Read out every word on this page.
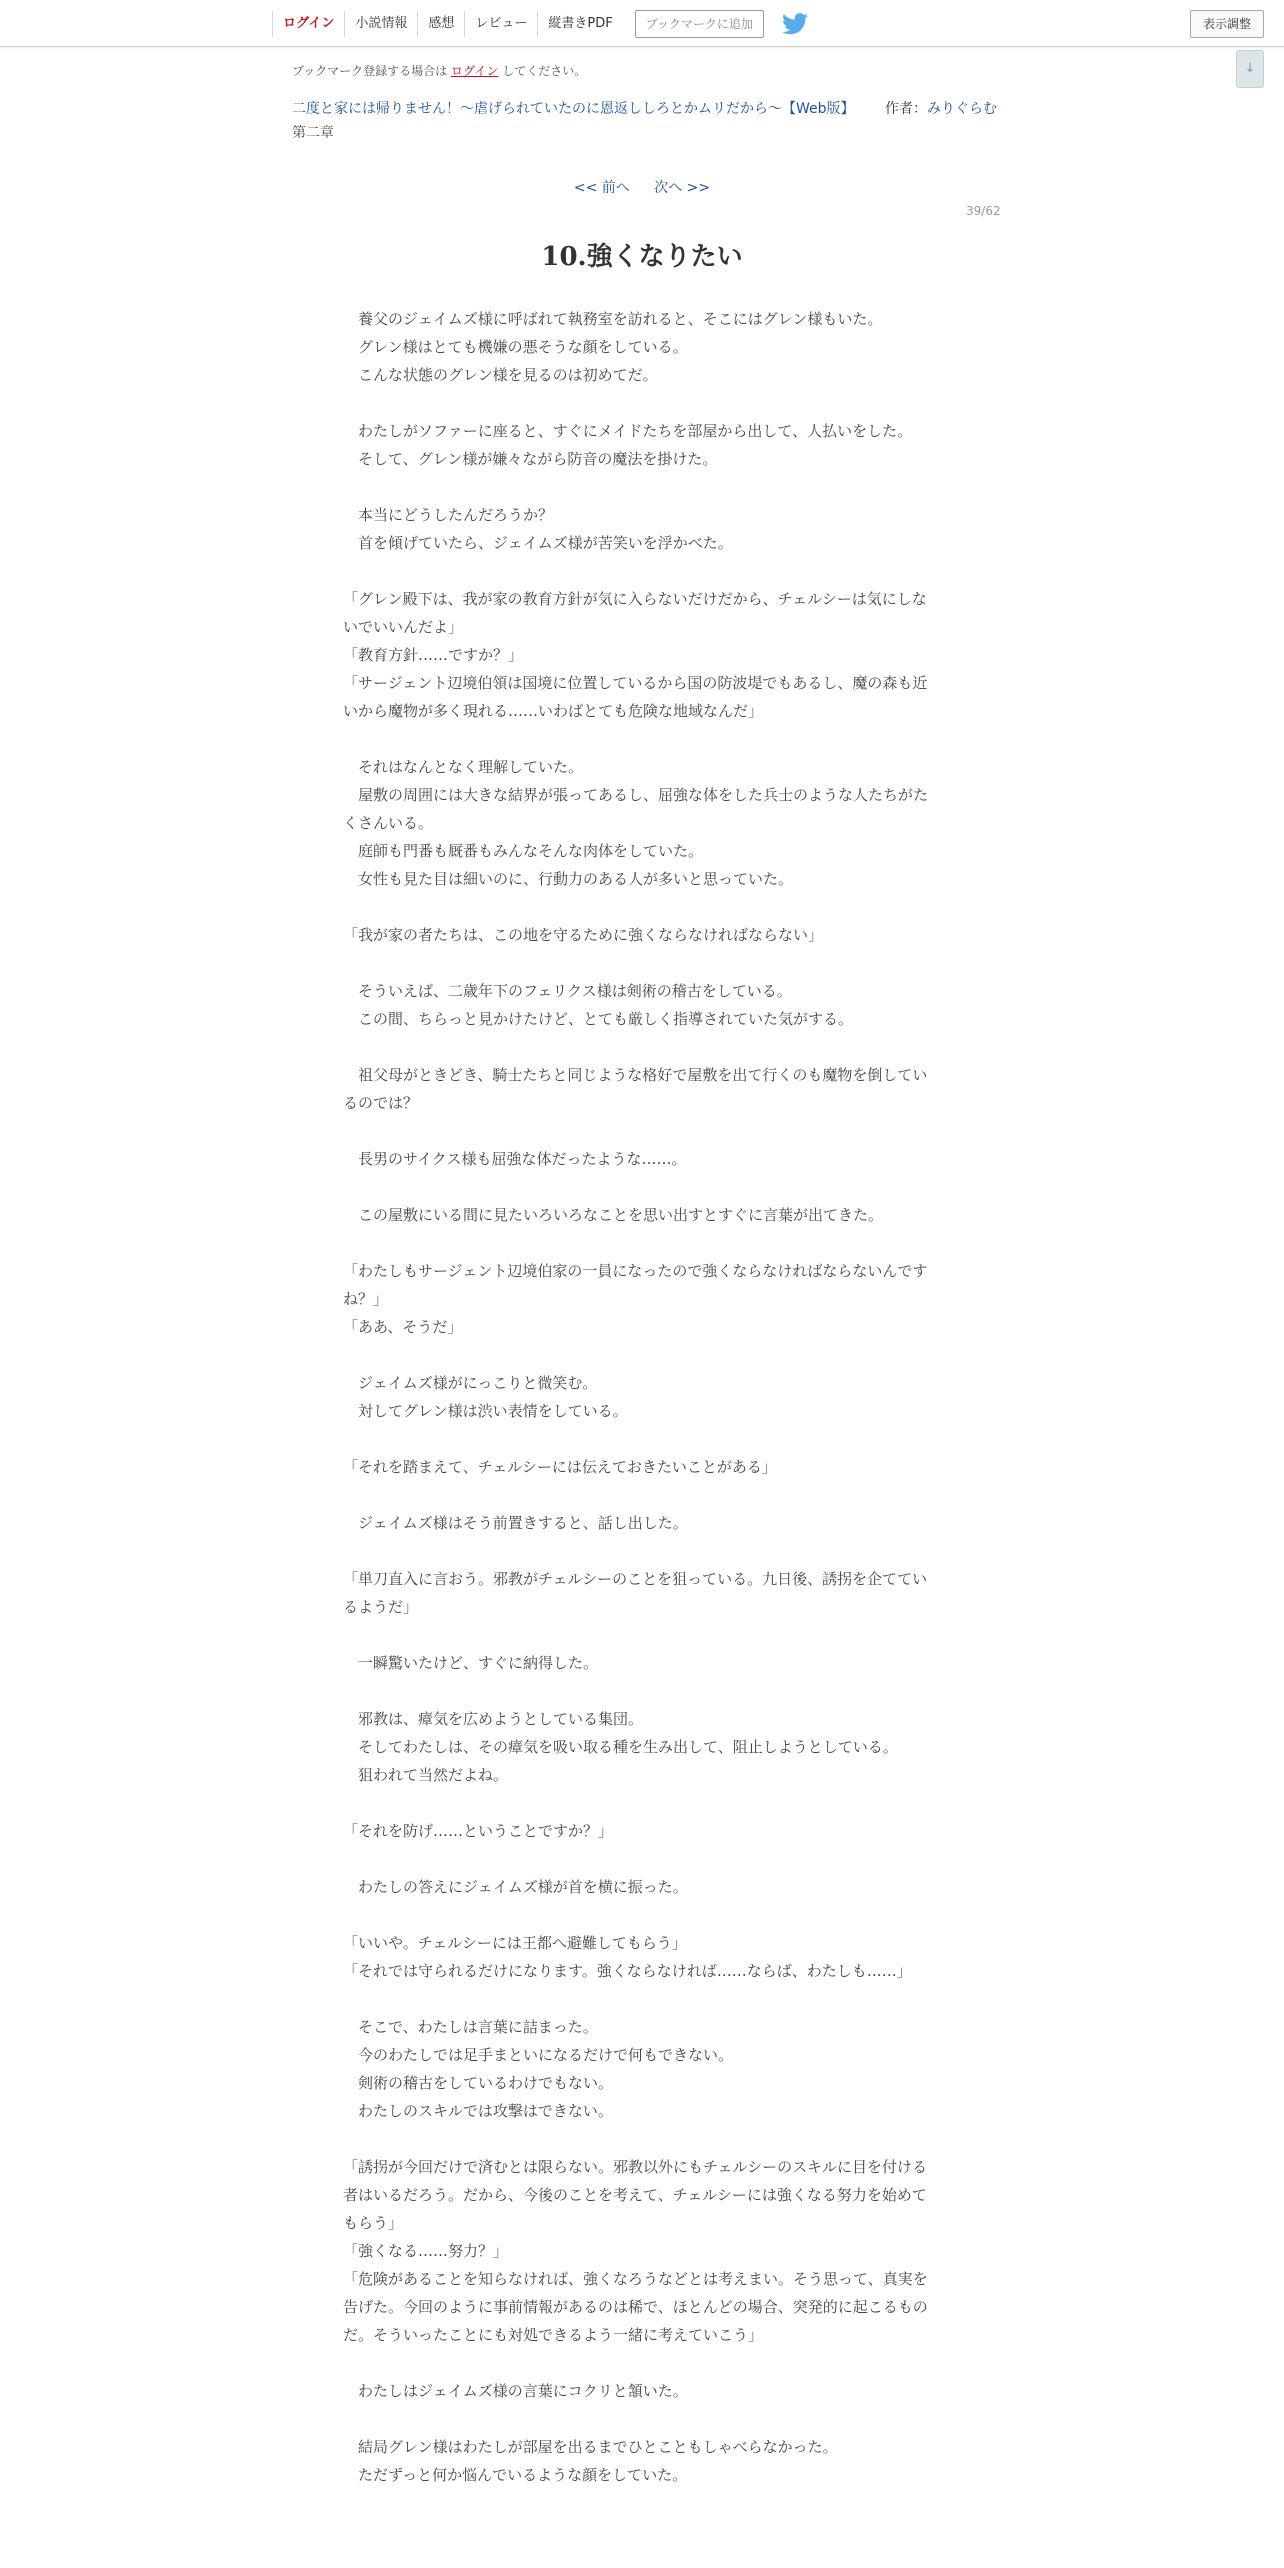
ログイン	小説情報	感想	レビュー	縦書きPDF	ブックマークに追加	表示調整
↓
ブックマーク登録する場合は ログイン してください。
二度と家には帰りません！～虐げられていたのに恩返ししろとかムリだから～【Web版】 作者：みりぐらむ
第二章
<< 前へ 次へ >>
39/62
10.強くなりたい

　養父のジェイムズ様に呼ばれて執務室を訪れると、そこにはグレン様もいた。

　グレン様はとても機嫌の悪そうな顔をしている。

　こんな状態のグレン様を見るのは初めてだ。

　わたしがソファーに座ると、すぐにメイドたちを部屋から出して、人払いをした。

　そして、グレン様が嫌々ながら防音の魔法を掛けた。

　本当にどうしたんだろうか？

　首を傾げていたら、ジェイムズ様が苦笑いを浮かべた。

「グレン殿下は、我が家の教育方針が気に入らないだけだから、チェルシーは気にしないでいいんだよ」

「教育方針……ですか？」

「サージェント辺境伯領は国境に位置しているから国の防波堤でもあるし、魔の森も近いから魔物が多く現れる……いわばとても危険な地域なんだ」

　それはなんとなく理解していた。

　屋敷の周囲には大きな結界が張ってあるし、屈強な体をした兵士のような人たちがたくさんいる。

　庭師も門番も厩番もみんなそんな肉体をしていた。

　女性も見た目は細いのに、行動力のある人が多いと思っていた。

「我が家の者たちは、この地を守るために強くならなければならない」

　そういえば、二歳年下のフェリクス様は剣術の稽古をしている。

　この間、ちらっと見かけたけど、とても厳しく指導されていた気がする。

　祖父母がときどき、騎士たちと同じような格好で屋敷を出て行くのも魔物を倒しているのでは？

　長男のサイクス様も屈強な体だったような……。

　この屋敷にいる間に見たいろいろなことを思い出すとすぐに言葉が出てきた。

「わたしもサージェント辺境伯家の一員になったので強くならなければならないんですね？」

「ああ、そうだ」

　ジェイムズ様がにっこりと微笑む。

　対してグレン様は渋い表情をしている。

「それを踏まえて、チェルシーには伝えておきたいことがある」

　ジェイムズ様はそう前置きすると、話し出した。

「単刀直入に言おう。邪教がチェルシーのことを狙っている。九日後、誘拐を企てているようだ」

　一瞬驚いたけど、すぐに納得した。

　邪教は、瘴気を広めようとしている集団。

　そしてわたしは、その瘴気を吸い取る種を生み出して、阻止しようとしている。

　狙われて当然だよね。

「それを防げ……ということですか？」

　わたしの答えにジェイムズ様が首を横に振った。

「いいや。チェルシーには王都へ避難してもらう」

「それでは守られるだけになります。強くならなければ……ならば、わたしも……」

　そこで、わたしは言葉に詰まった。

　今のわたしでは足手まといになるだけで何もできない。

　剣術の稽古をしているわけでもない。

　わたしのスキルでは攻撃はできない。

「誘拐が今回だけで済むとは限らない。邪教以外にもチェルシーのスキルに目を付ける者はいるだろう。だから、今後のことを考えて、チェルシーには強くなる努力を始めてもらう」

「強くなる……努力？」

「危険があることを知らなければ、強くなろうなどとは考えまい。そう思って、真実を告げた。今回のように事前情報があるのは稀で、ほとんどの場合、突発的に起こるものだ。そういったことにも対処できるよう一緒に考えていこう」

　わたしはジェイムズ様の言葉にコクリと頷いた。

　結局グレン様はわたしが部屋を出るまでひとこともしゃべらなかった。

　ただずっと何か悩んでいるような顔をしていた。
